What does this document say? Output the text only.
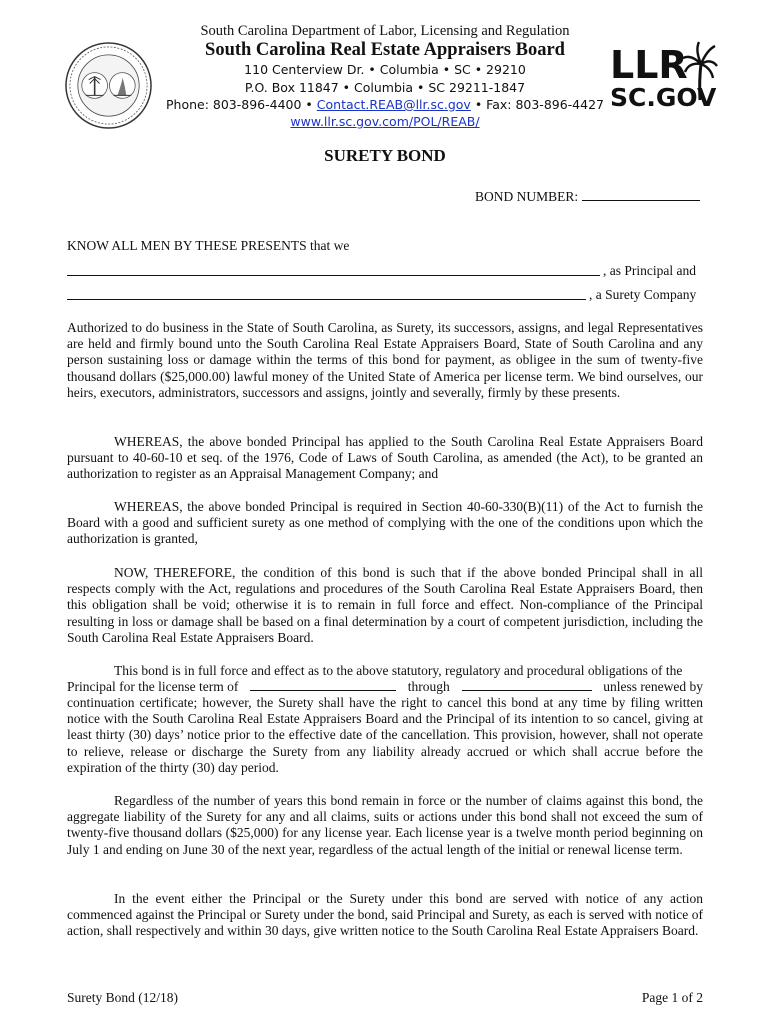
South Carolina Department of Labor, Licensing and Regulation
South Carolina Real Estate Appraisers Board
110 Centerview Dr. • Columbia • SC • 29210
P.O. Box 11847 • Columbia • SC 29211-1847
Phone: 803-896-4400 • Contact.REAB@llr.sc.gov • Fax: 803-896-4427
www.llr.sc.gov.com/POL/REAB/
LLR
SC.GOV
SURETY BOND
BOND NUMBER:
KNOW ALL MEN BY THESE PRESENTS that we
, as Principal and
, a Surety Company
Authorized to do business in the State of South Carolina, as Surety, its successors, assigns, and legal Representatives are held and firmly bound unto the South Carolina Real Estate Appraisers Board, State of South Carolina and any person sustaining loss or damage within the terms of this bond for payment, as obligee in the sum of twenty-five thousand dollars ($25,000.00) lawful money of the United State of America per license term. We bind ourselves, our heirs, executors, administrators, successors and assigns, jointly and severally, firmly by these presents.
WHEREAS, the above bonded Principal has applied to the South Carolina Real Estate Appraisers Board pursuant to 40-60-10 et seq. of the 1976, Code of Laws of South Carolina, as amended (the Act), to be granted an authorization to register as an Appraisal Management Company; and
WHEREAS, the above bonded Principal is required in Section 40-60-330(B)(11) of the Act to furnish the Board with a good and sufficient surety as one method of complying with the one of the conditions upon which the authorization is granted,
NOW, THEREFORE, the condition of this bond is such that if the above bonded Principal shall in all respects comply with the Act, regulations and procedures of the South Carolina Real Estate Appraisers Board, then this obligation shall be void; otherwise it is to remain in full force and effect. Non-compliance of the Principal resulting in loss or damage shall be based on a final determination by a court of competent jurisdiction, including the South Carolina Real Estate Appraisers Board.
This bond is in full force and effect as to the above statutory, regulatory and procedural obligations of the
Principal for the license term of	through	unless renewed by
continuation certificate; however, the Surety shall have the right to cancel this bond at any time by filing written notice with the South Carolina Real Estate Appraisers Board and the Principal of its intention to so cancel, giving at least thirty (30) days’ notice prior to the effective date of the cancellation. This provision, however, shall not operate to relieve, release or discharge the Surety from any liability already accrued or which shall accrue before the expiration of the thirty (30) day period.
Regardless of the number of years this bond remain in force or the number of claims against this bond, the aggregate liability of the Surety for any and all claims, suits or actions under this bond shall not exceed the sum of twenty-five thousand dollars ($25,000) for any license year. Each license year is a twelve month period beginning on July 1 and ending on June 30 of the next year, regardless of the actual length of the initial or renewal license term.
In the event either the Principal or the Surety under this bond are served with notice of any action commenced against the Principal or Surety under the bond, said Principal and Surety, as each is served with notice of action, shall respectively and within 30 days, give written notice to the South Carolina Real Estate Appraisers Board.
Surety Bond (12/18)	Page 1 of 2
